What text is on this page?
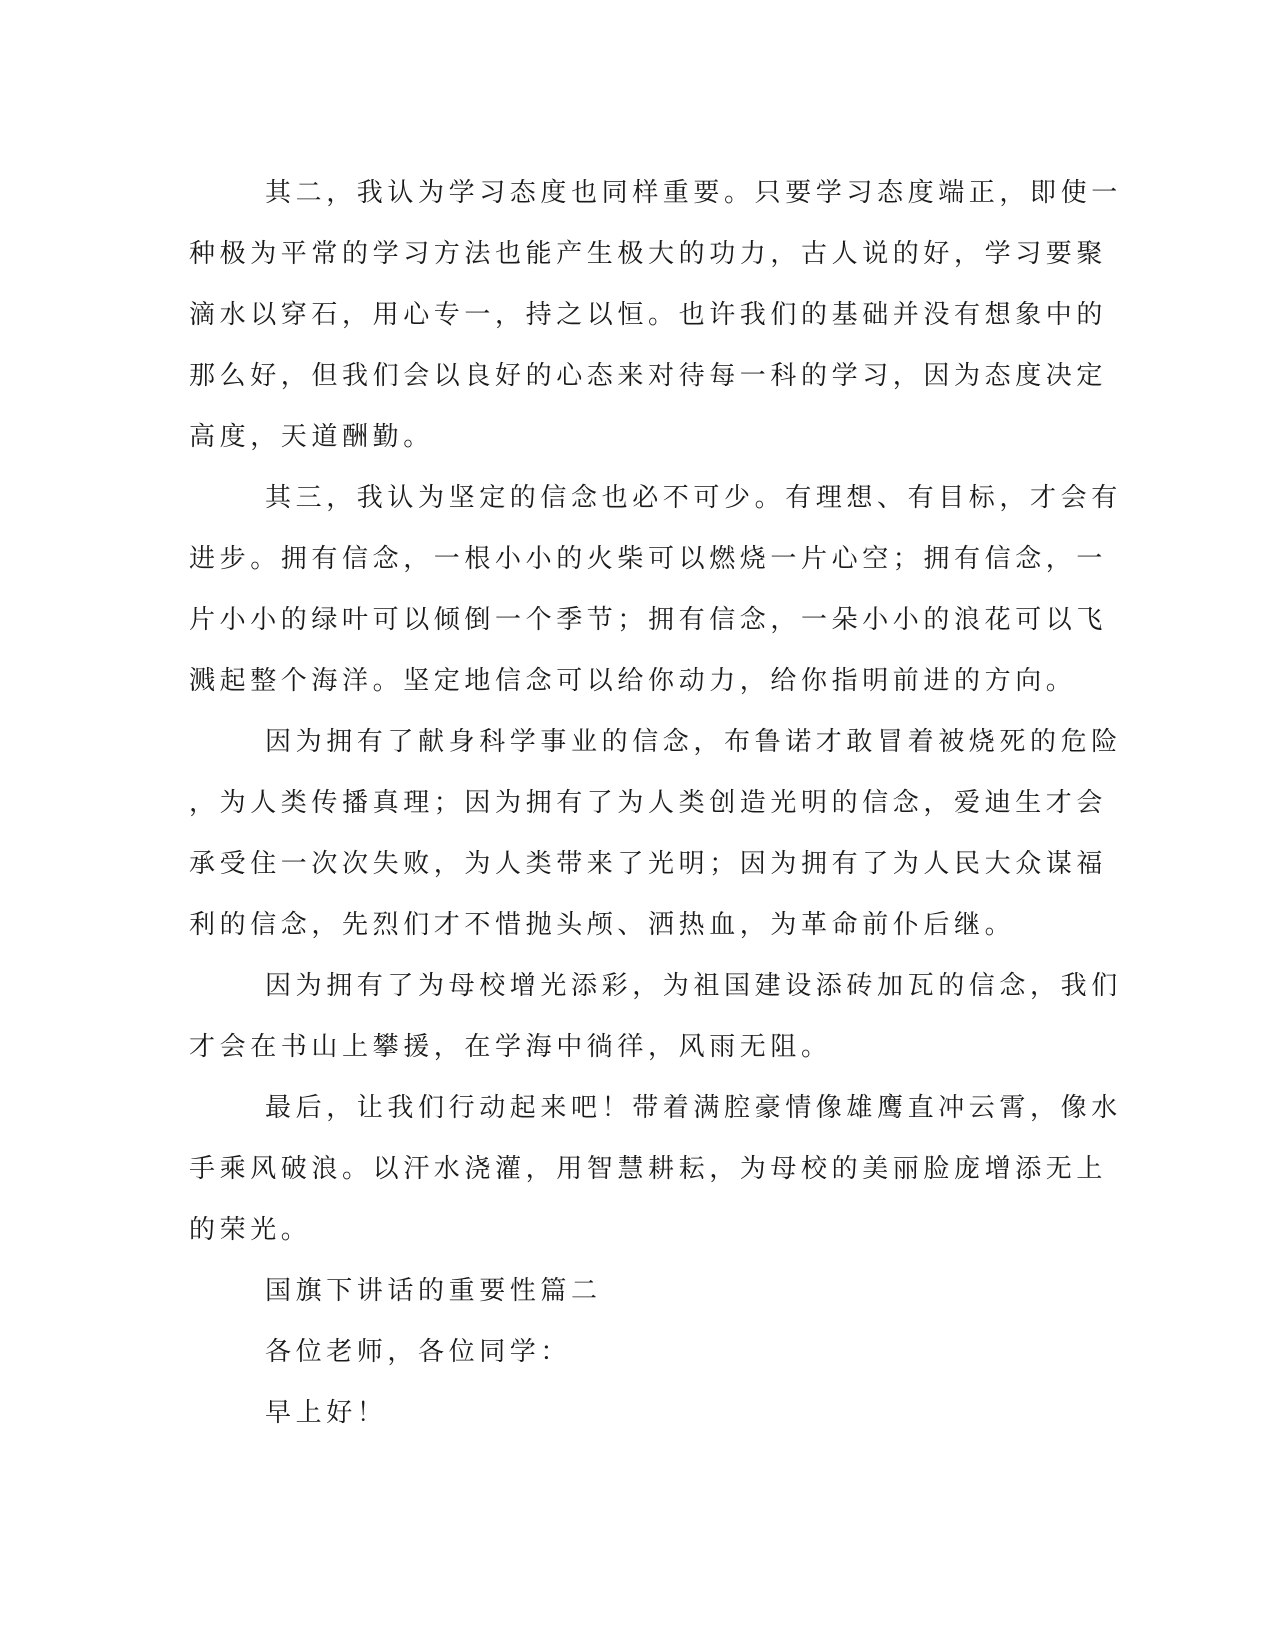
其二，我认为学习态度也同样重要。只要学习态度端正，即使一
种极为平常的学习方法也能产生极大的功力，古人说的好，学习要聚
滴水以穿石，用心专一，持之以恒。也许我们的基础并没有想象中的
那么好，但我们会以良好的心态来对待每一科的学习，因为态度决定
高度，天道酬勤。
其三，我认为坚定的信念也必不可少。有理想、有目标，才会有
进步。拥有信念，一根小小的火柴可以燃烧一片心空；拥有信念，一
片小小的绿叶可以倾倒一个季节；拥有信念，一朵小小的浪花可以飞
溅起整个海洋。坚定地信念可以给你动力，给你指明前进的方向。
因为拥有了献身科学事业的信念，布鲁诺才敢冒着被烧死的危险
，为人类传播真理；因为拥有了为人类创造光明的信念，爱迪生才会
承受住一次次失败，为人类带来了光明；因为拥有了为人民大众谋福
利的信念，先烈们才不惜抛头颅、洒热血，为革命前仆后继。
因为拥有了为母校增光添彩，为祖国建设添砖加瓦的信念，我们
才会在书山上攀援，在学海中徜徉，风雨无阻。
最后，让我们行动起来吧！带着满腔豪情像雄鹰直冲云霄，像水
手乘风破浪。以汗水浇灌，用智慧耕耘，为母校的美丽脸庞增添无上
的荣光。
国旗下讲话的重要性篇二
各位老师，各位同学：
早上好！
